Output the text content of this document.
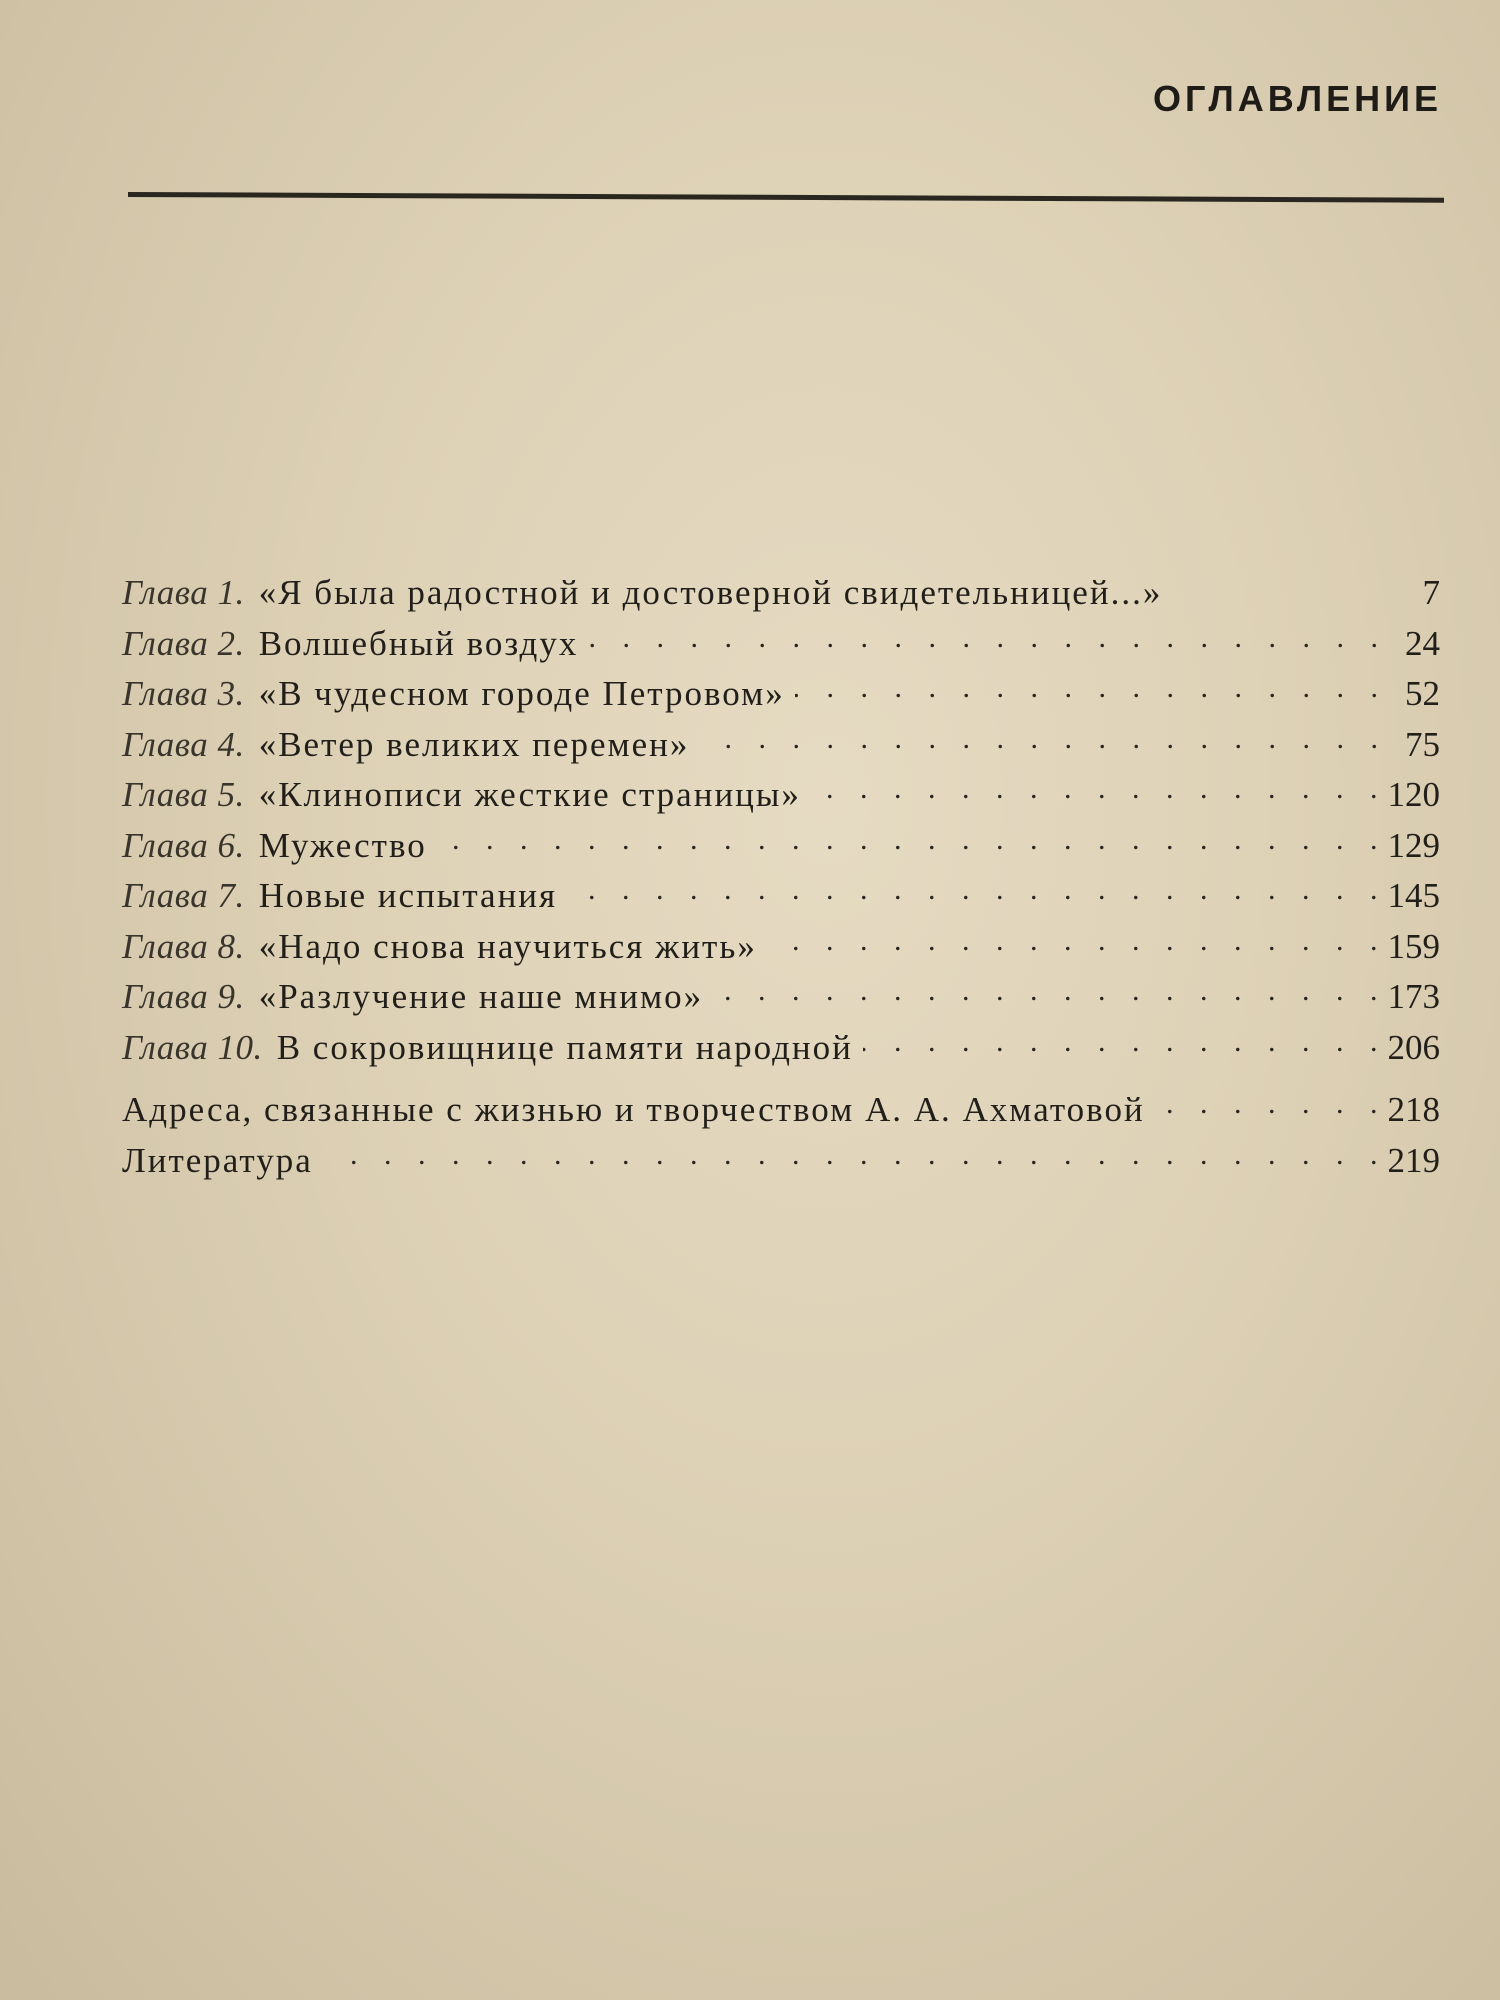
ОГЛАВЛЕНИЕ
Глава 1. «Я была радостной и достоверной свидетельницей...»	7
Глава 2. Волшебный воздух . . .	24
Глава 3. «В чудесном городе Петровом» . . .	52
Глава 4. «Ветер великих перемен» . . .	75
Глава 5. «Клинописи жесткие страницы» . . .	120
Глава 6. Мужество . . .	129
Глава 7. Новые испытания . . .	145
Глава 8. «Надо снова научиться жить» . . .	159
Глава 9. «Разлучение наше мнимо» . . .	173
Глава 10. В сокровищнице памяти народной . . .	206
Адреса, связанные с жизнью и творчеством А. А. Ахматовой . . .	218
Литература . . .	219
